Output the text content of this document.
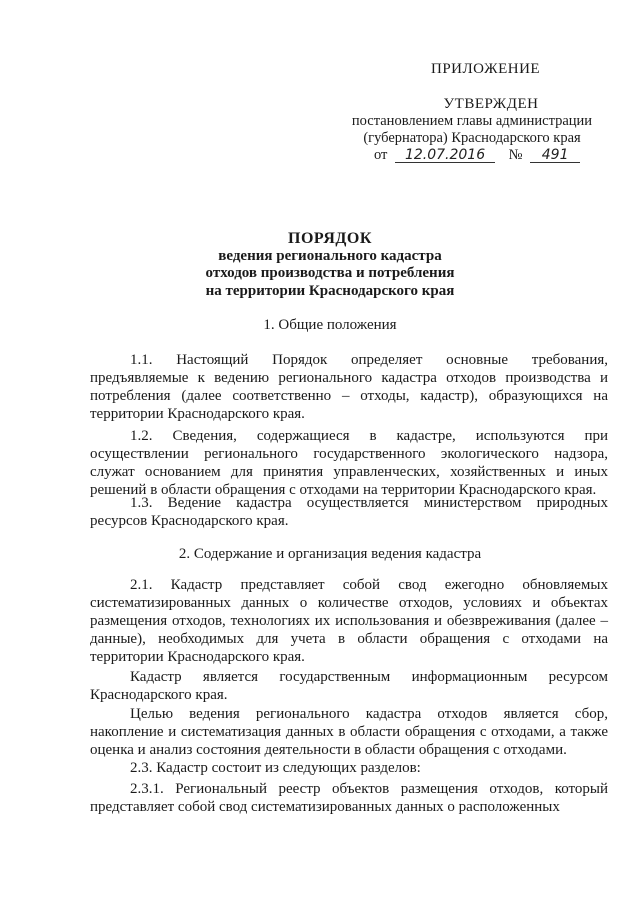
ПРИЛОЖЕНИЕ
УТВЕРЖДЕН
постановлением главы администрации
(губернатора) Краснодарского края
от 12.07.2016 № 491
ПОРЯДОК
ведения регионального кадастра
отходов производства и потребления
на территории Краснодарского края
1. Общие положения

1.1. Настоящий Порядок определяет основные требования, предъявляемые к ведению регионального кадастра отходов производства и потребления (далее соответственно – отходы, кадастр), образующихся на территории Краснодарского края.

1.2. Сведения, содержащиеся в кадастре, используются при осуществлении регионального государственного экологического надзора, служат основанием для принятия управленческих, хозяйственных и иных решений в области обращения с отходами на территории Краснодарского края.

1.3. Ведение кадастра осуществляется министерством природных ресурсов Краснодарского края.

2. Содержание и организация ведения кадастра

2.1. Кадастр представляет собой свод ежегодно обновляемых систематизированных данных о количестве отходов, условиях и объектах размещения отходов, технологиях их использования и обезвреживания (далее – данные), необходимых для учета в области обращения с отходами на территории Краснодарского края.

Кадастр является государственным информационным ресурсом Краснодарского края.

Целью ведения регионального кадастра отходов является сбор, накопление и систематизация данных в области обращения с отходами, а также оценка и анализ состояния деятельности в области обращения с отходами.

2.3. Кадастр состоит из следующих разделов:

2.3.1. Региональный реестр объектов размещения отходов, который представляет собой свод систематизированных данных о расположенных
